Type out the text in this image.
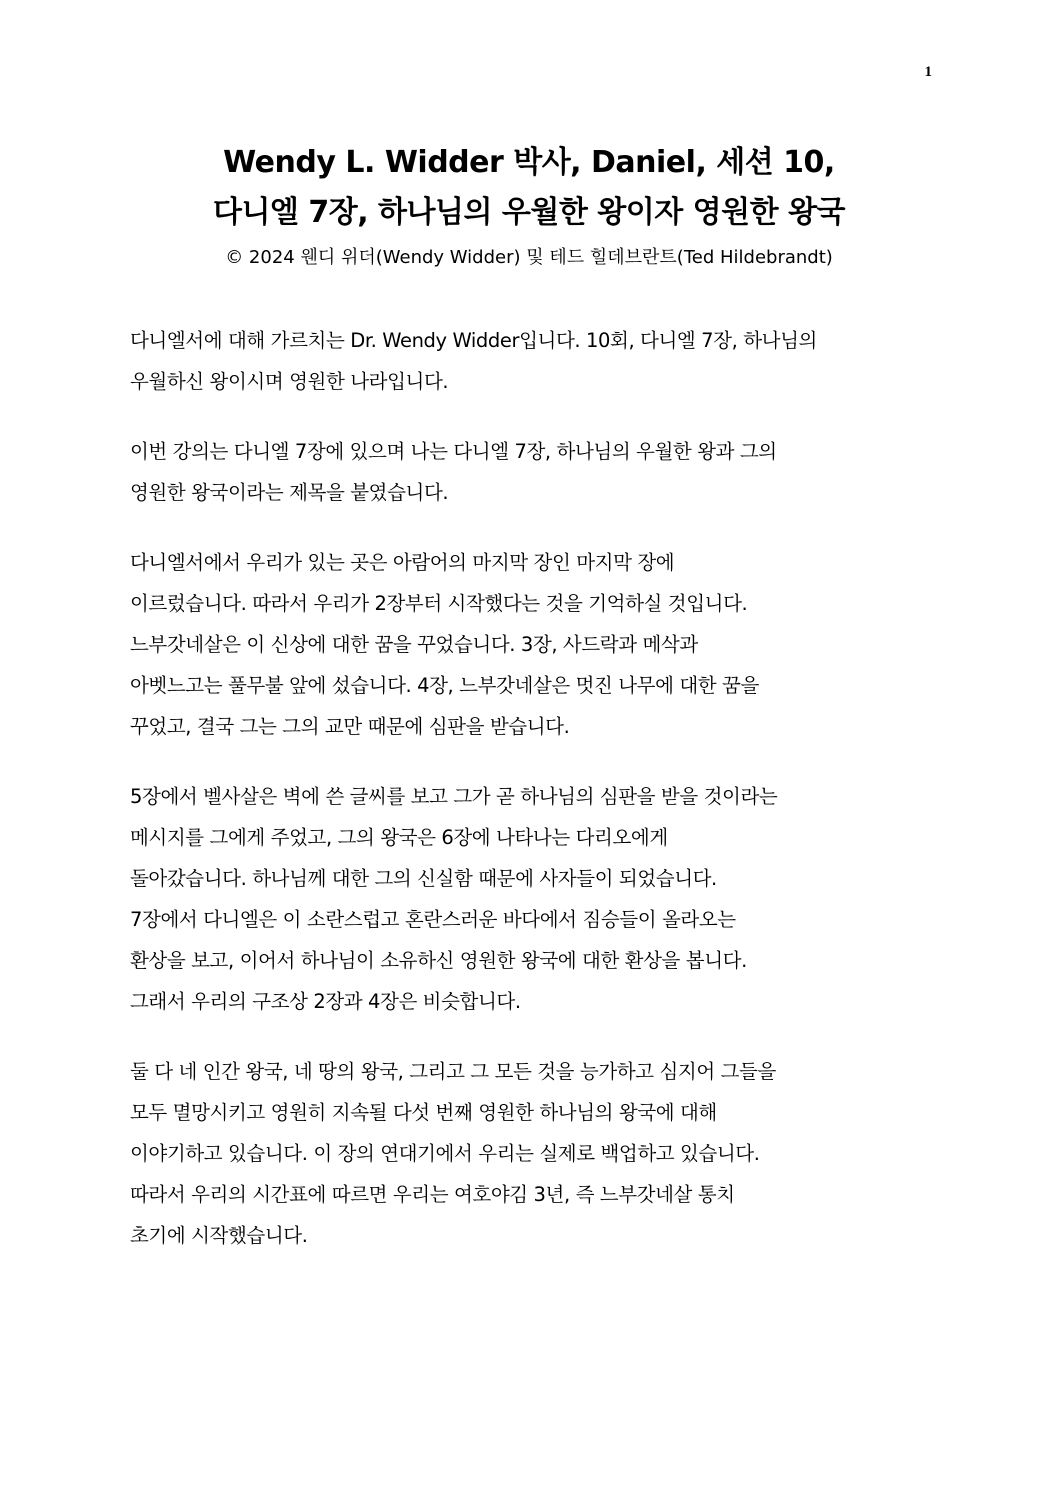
1
Wendy L. Widder 박사, Daniel, 세션 10,
다니엘 7장, 하나님의 우월한 왕이자 영원한 왕국
© 2024 웬디 위더(Wendy Widder) 및 테드 힐데브란트(Ted Hildebrandt)
다니엘서에 대해 가르치는 Dr. Wendy Widder입니다. 10회, 다니엘 7장, 하나님의
우월하신 왕이시며 영원한 나라입니다.
이번 강의는 다니엘 7장에 있으며 나는 다니엘 7장, 하나님의 우월한 왕과 그의
영원한 왕국이라는 제목을 붙였습니다.
다니엘서에서 우리가 있는 곳은 아람어의 마지막 장인 마지막 장에
이르렀습니다. 따라서 우리가 2장부터 시작했다는 것을 기억하실 것입니다.
느부갓네살은 이 신상에 대한 꿈을 꾸었습니다. 3장, 사드락과 메삭과
아벳느고는 풀무불 앞에 섰습니다. 4장, 느부갓네살은 멋진 나무에 대한 꿈을
꾸었고, 결국 그는 그의 교만 때문에 심판을 받습니다.
5장에서 벨사살은 벽에 쓴 글씨를 보고 그가 곧 하나님의 심판을 받을 것이라는
메시지를 그에게 주었고, 그의 왕국은 6장에 나타나는 다리오에게
돌아갔습니다. 하나님께 대한 그의 신실함 때문에 사자들이 되었습니다.
7장에서 다니엘은 이 소란스럽고 혼란스러운 바다에서 짐승들이 올라오는
환상을 보고, 이어서 하나님이 소유하신 영원한 왕국에 대한 환상을 봅니다.
그래서 우리의 구조상 2장과 4장은 비슷합니다.
둘 다 네 인간 왕국, 네 땅의 왕국, 그리고 그 모든 것을 능가하고 심지어 그들을
모두 멸망시키고 영원히 지속될 다섯 번째 영원한 하나님의 왕국에 대해
이야기하고 있습니다. 이 장의 연대기에서 우리는 실제로 백업하고 있습니다.
따라서 우리의 시간표에 따르면 우리는 여호야김 3년, 즉 느부갓네살 통치
초기에 시작했습니다.
